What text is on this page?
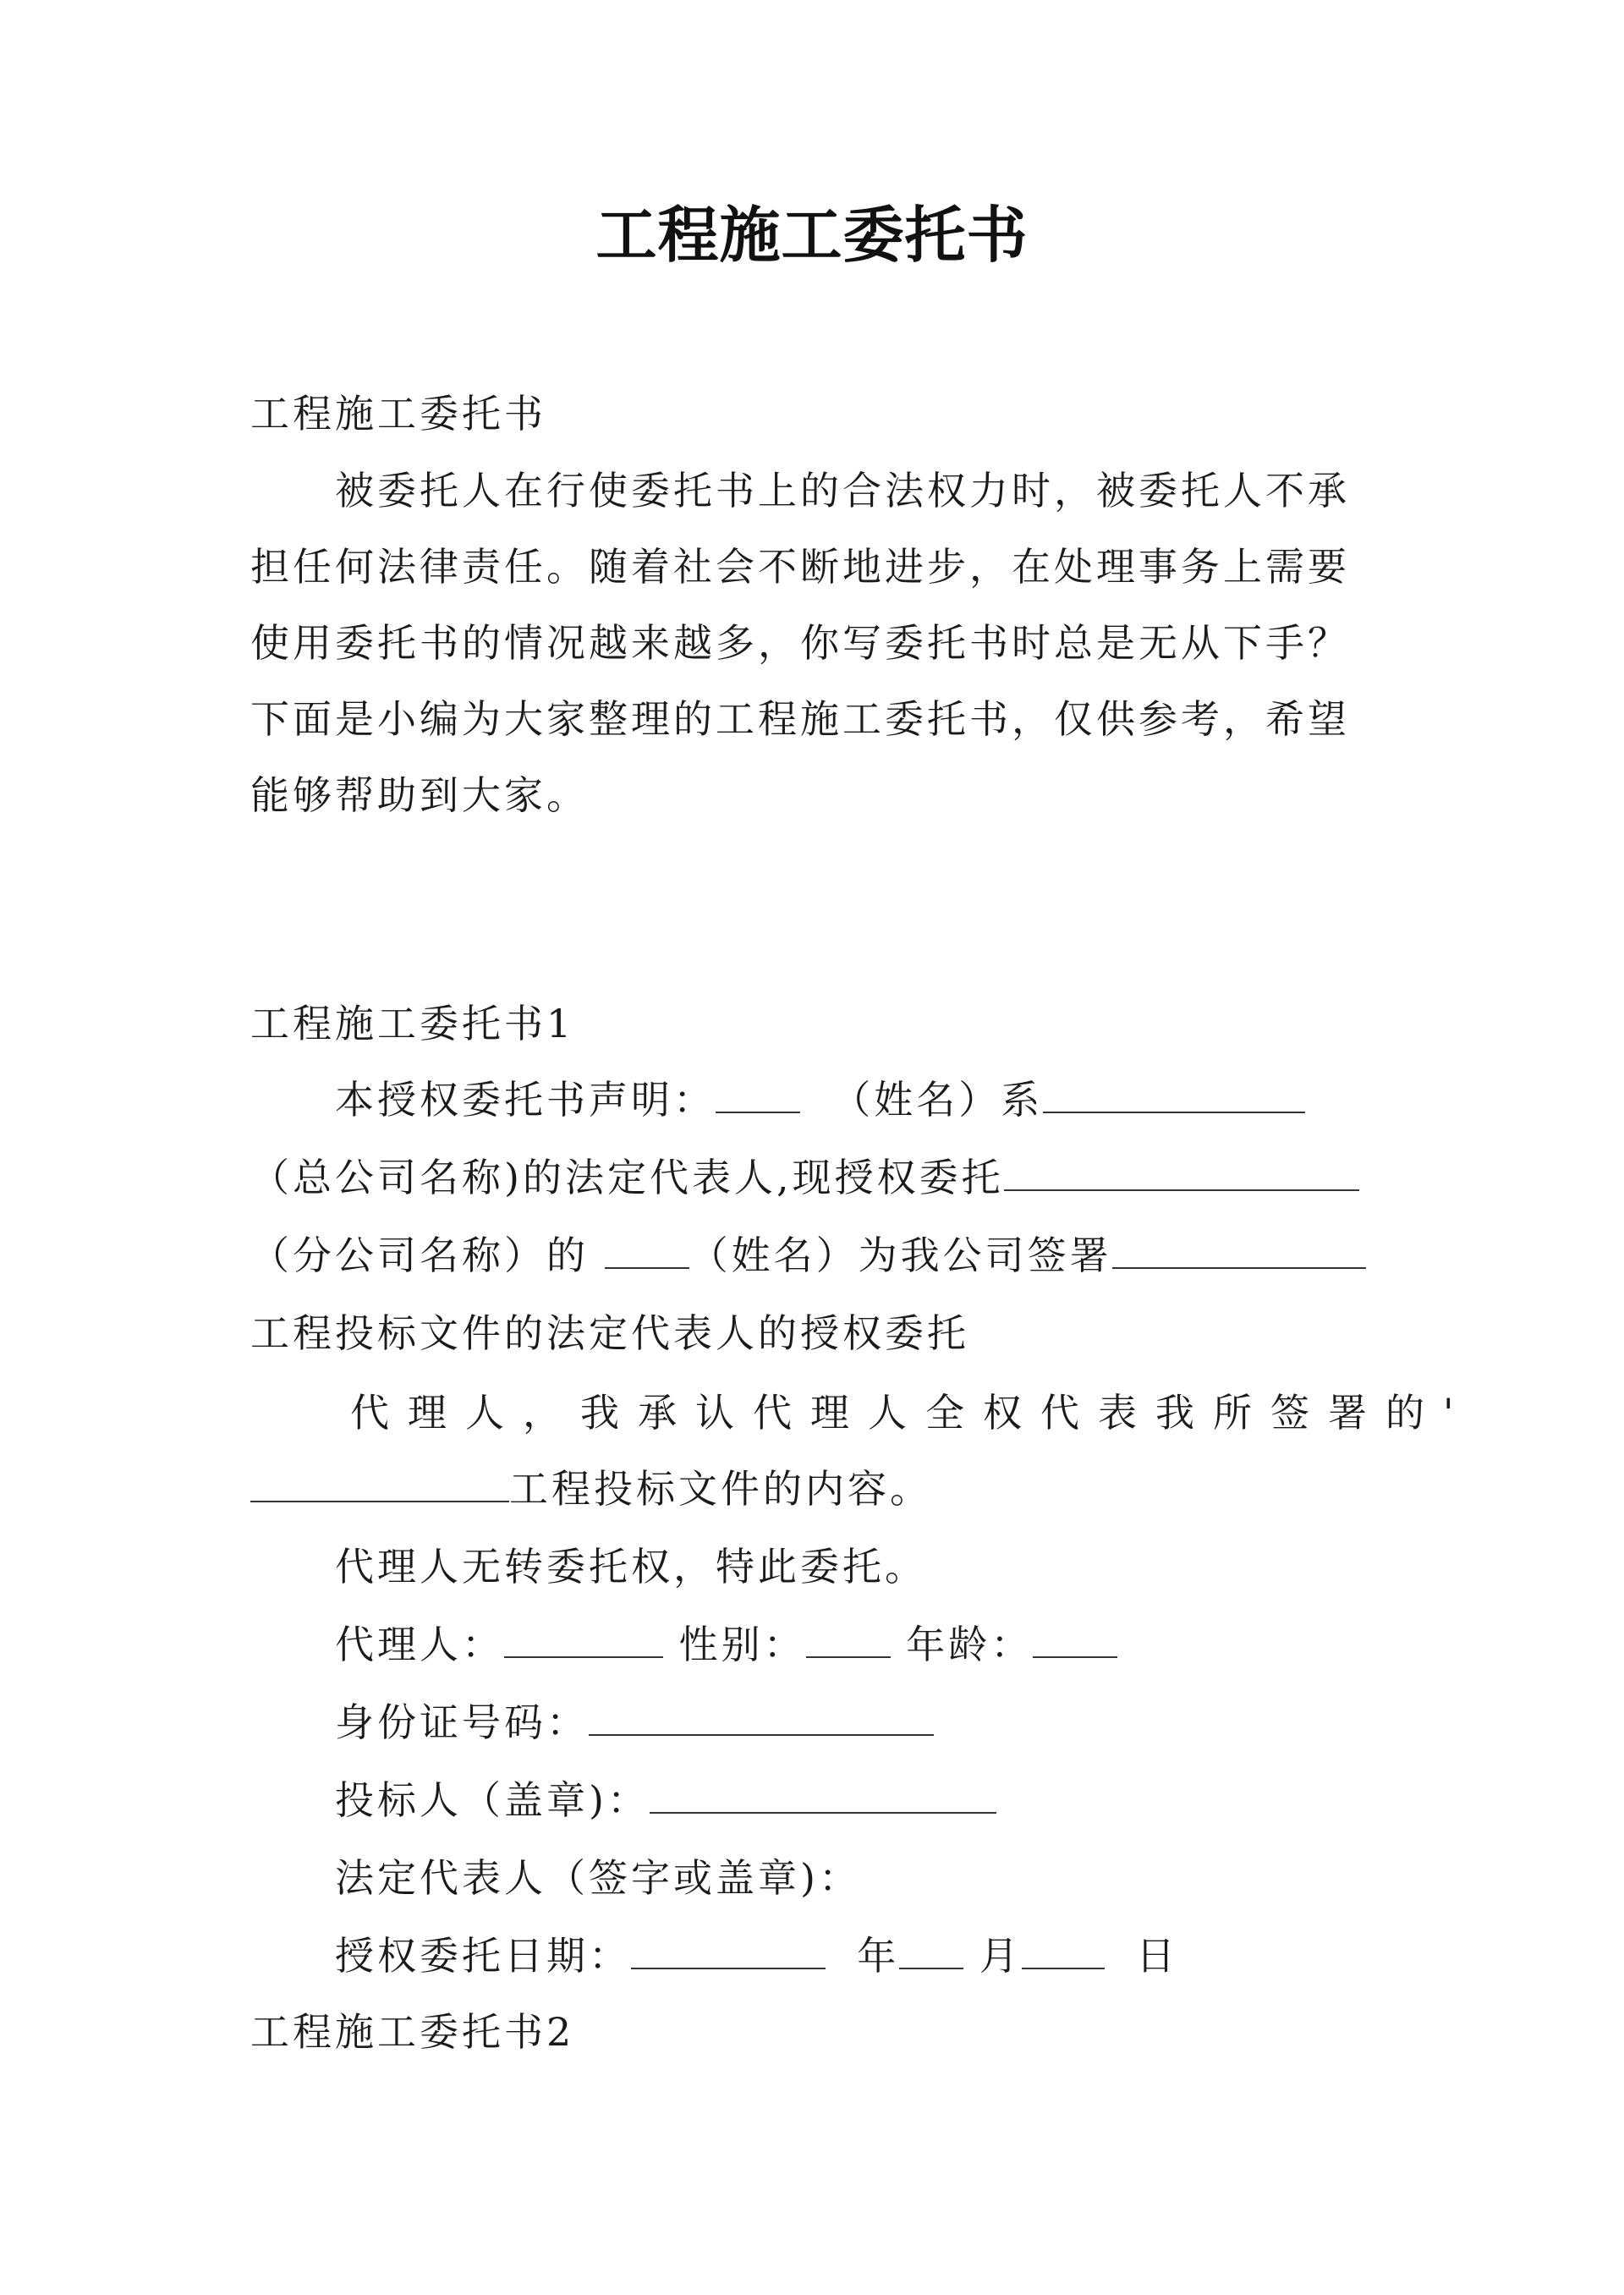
工程施工委托书
工程施工委托书
被委托人在行使委托书上的合法权力时，被委托人不承
担任何法律责任。随着社会不断地进步，在处理事务上需要
使用委托书的情况越来越多，你写委托书时总是无从下手？
下面是小编为大家整理的工程施工委托书，仅供参考，希望
能够帮助到大家。
工程施工委托书1
本授权委托书声明：	（姓名）系
（总公司名称)的法定代表人,现授权委托
（分公司名称）的	（姓名）为我公司签署
工程投标文件的法定代表人的授权委托
代理人，我承认代理人全权代表我所签署的'
工程投标文件的内容。
代理人无转委托权，特此委托。
代理人：	性别：	年龄：
身份证号码：
投标人（盖章)：
法定代表人（签字或盖章)：
授权委托日期：	年 月	日
工程施工委托书2
